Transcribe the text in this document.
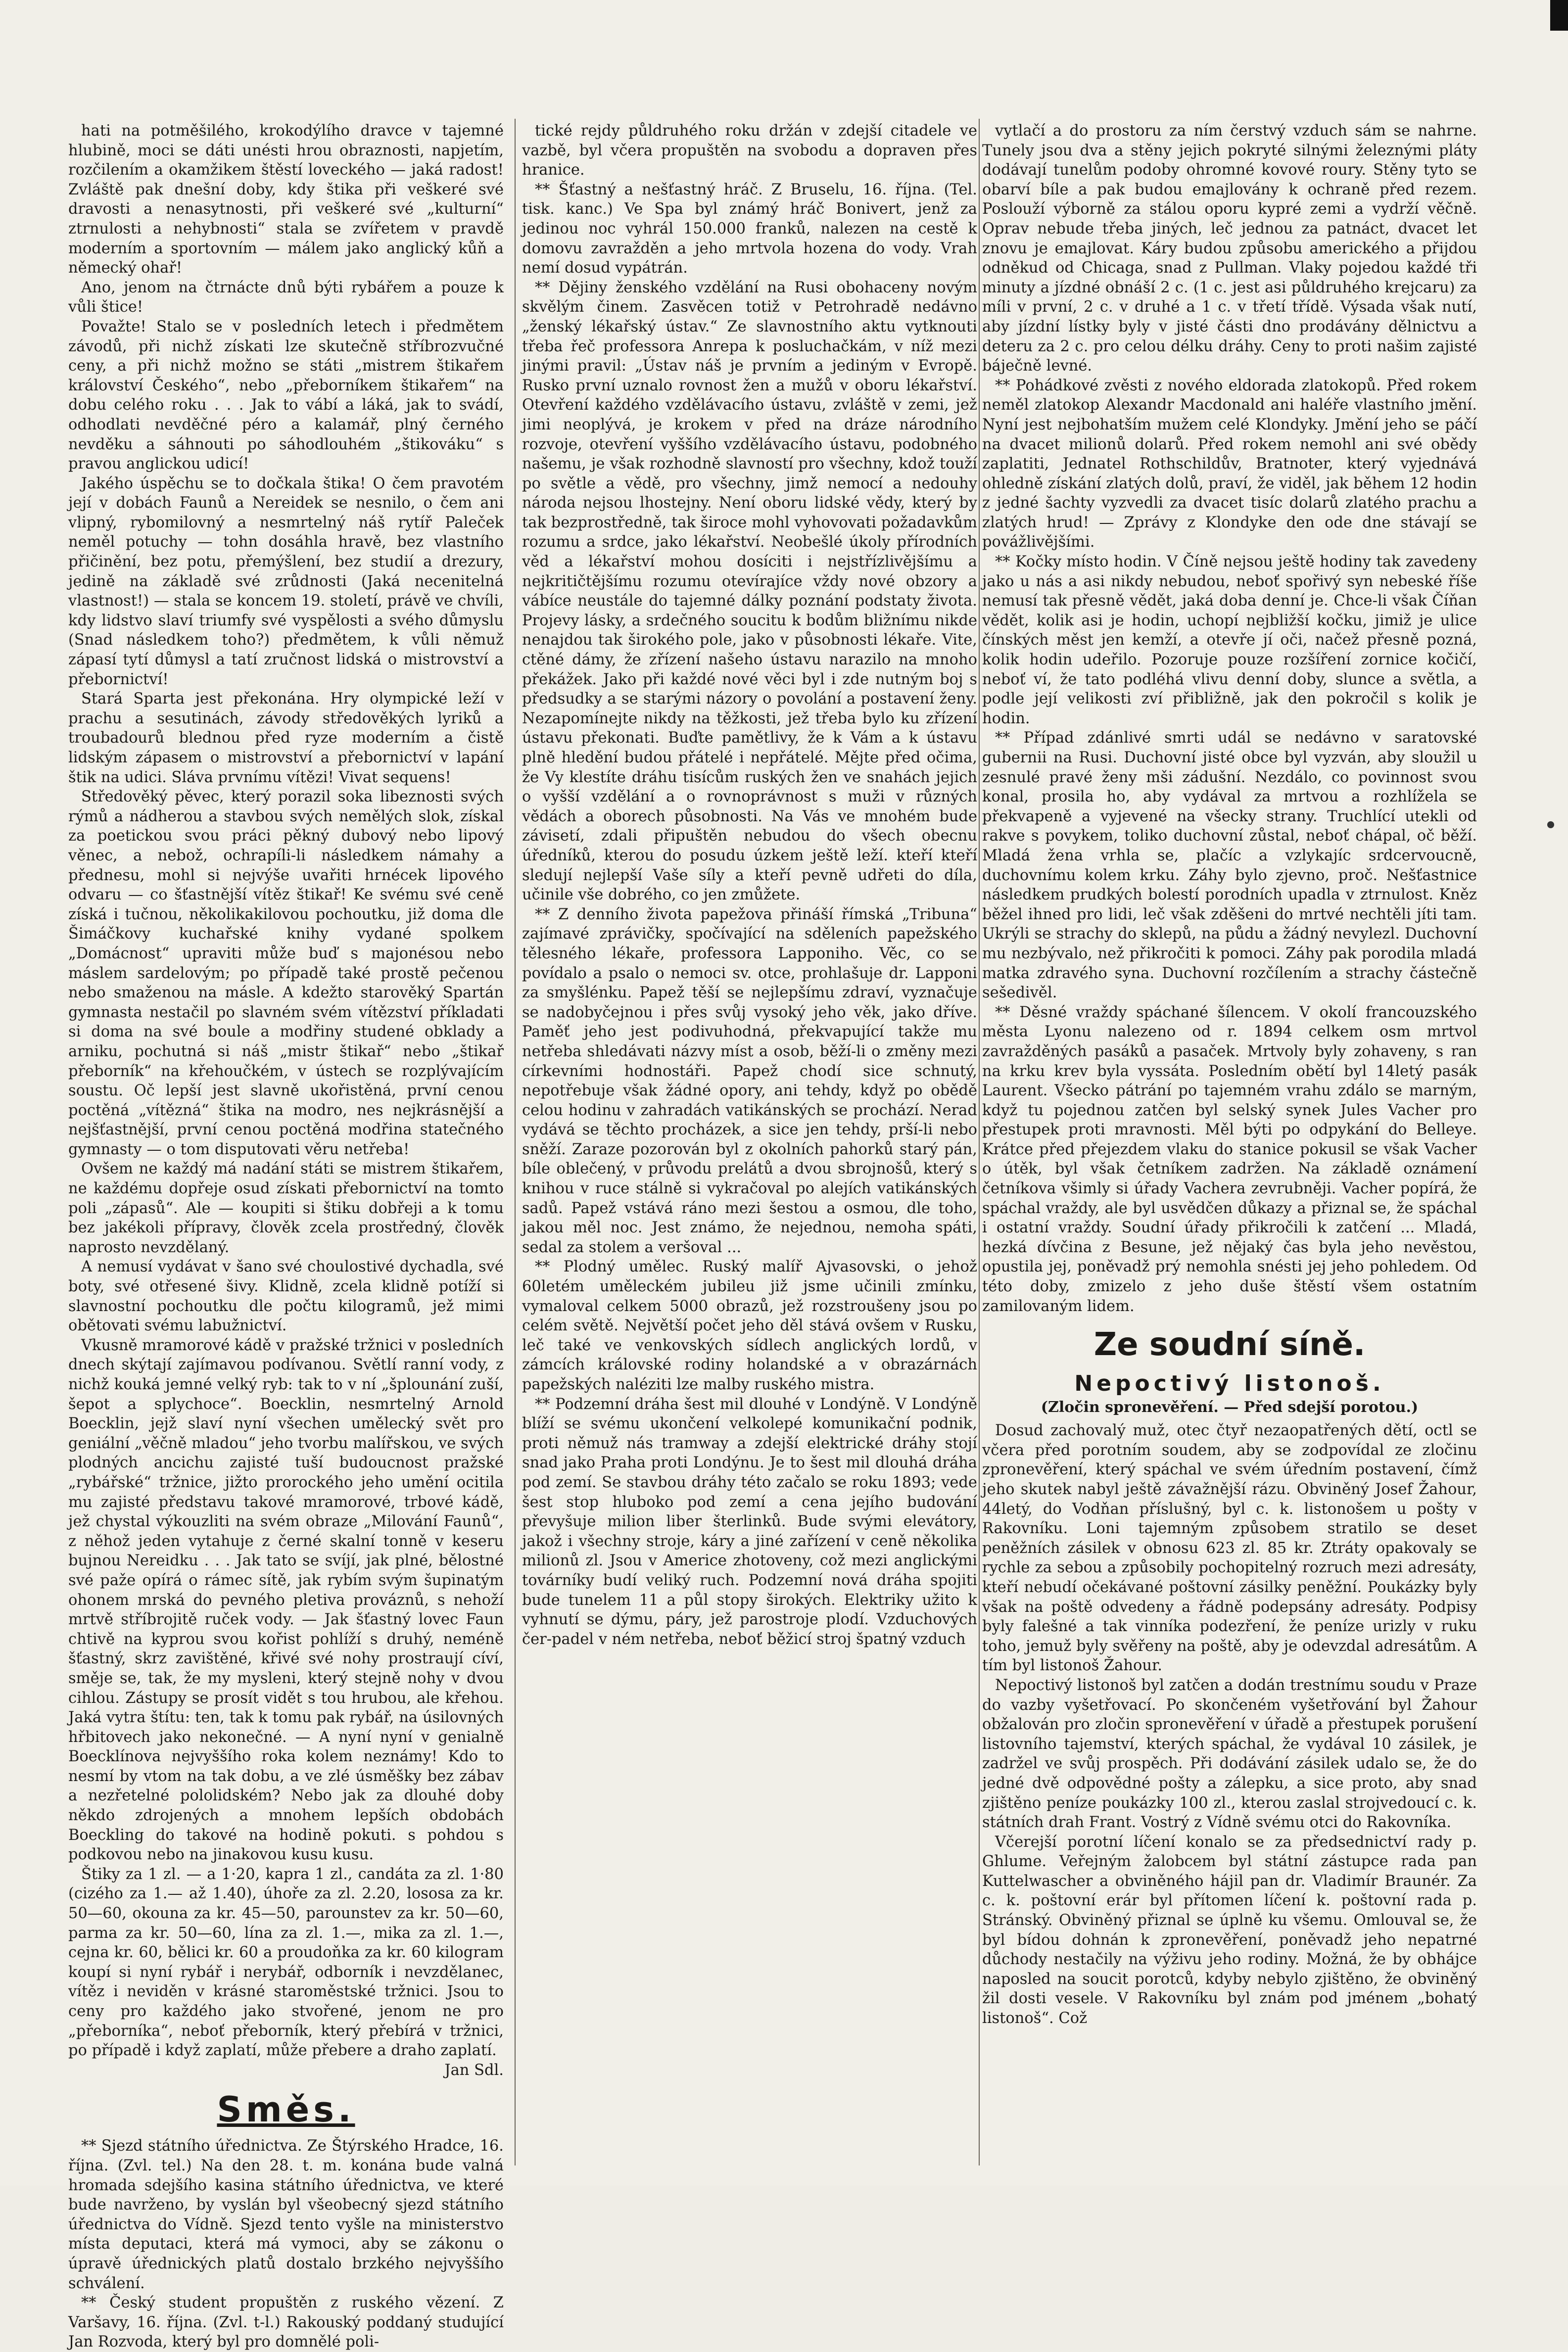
hati na potměšilého, krokodýlího dravce v tajemné hlubině, moci se dáti unésti hrou obraznosti, napjetím, rozčilením a okamžikem štěstí loveckého — jaká radost! Zvláště pak dnešní doby, kdy štika při veškeré své dravosti a nenasytnosti, při veškeré své „kulturní“ ztrnulosti a nehybnosti“ stala se zvířetem v pravdě moderním a sportovním — málem jako anglický kůň a německý ohař!

Ano, jenom na čtrnácte dnů býti rybářem a pouze k vůli štice!

Považte! Stalo se v posledních letech i předmětem závodů, při nichž získati lze skutečně stříbrozvučné ceny, a při nichž možno se státi „mistrem štikařem království Českého“, nebo „přeborníkem štikařem“ na dobu celého roku . . . Jak to vábí a láká, jak to svádí, odhodlati nevděčné péro a kalamář, plný černého nevděku a sáhnouti po sáhodlouhém „štikováku“ s pravou anglickou udicí!

Jakého úspěchu se to dočkala štika! O čem pravotém její v dobách Faunů a Nereidek se nesnilo, o čem ani vlipný, rybomilovný a nesmrtelný náš rytíř Paleček neměl potuchy — tohn dosáhla hravě, bez vlastního přičinění, bez potu, přemýšlení, bez studií a drezury, jedině na základě své zrůdnosti (Jaká necenitelná vlastnost!) — stala se koncem 19. století, právě ve chvíli, kdy lidstvo slaví triumfy své vyspělosti a svého důmyslu (Snad následkem toho?) předmětem, k vůli němuž zápasí tytí důmysl a tatí zručnost lidská o mistrovství a přebornictví!

Stará Sparta jest překonána. Hry olympické leží v prachu a sesutinách, závody středověkých lyriků a troubadourů blednou před ryze moderním a čistě lidským zápasem o mistrovství a přebornictví v lapání štik na udici. Sláva prvnímu vítězi! Vivat sequens!

Středověký pěvec, který porazil soka libeznosti svých rýmů a nádherou a stavbou svých nemělých slok, získal za poetickou svou práci pěkný dubový nebo lipový věnec, a nebož, ochrapíli-li následkem námahy a přednesu, mohl si nejvýše uvařiti hrnécek lipového odvaru — co šťastnější vítěz štikař! Ke svému své ceně získá i tučnou, několikakilovou pochoutku, již doma dle Šimáčkovy kuchařské knihy vydané spolkem „Domácnost“ upraviti může buď s majonésou nebo máslem sardelovým; po případě také prostě pečenou nebo smaženou na másle. A kdežto starověký Spartán gymnasta nestačil po slavném svém vítězství příkladati si doma na své boule a modřiny studené obklady a arniku, pochutná si náš „mistr štikař“ nebo „štikař přeborník“ na křehoučkém, v ústech se rozplývajícím soustu. Oč lepší jest slavně ukořistěná, první cenou poctěná „vítězná“ štika na modro, nes nejkrásnější a nejšťastnější, první cenou poctěná modřina statečného gymnasty — o tom disputovati věru netřeba!

Ovšem ne každý má nadání státi se mistrem štikařem, ne každému dopřeje osud získati přebornictví na tomto poli „zápasů“. Ale — koupiti si štiku dobřeji a k tomu bez jakékoli přípravy, člověk zcela prostředný, člověk naprosto nevzdělaný.

A nemusí vydávat v šano své choulostivé dychadla, své boty, své otřesené šivy. Klidně, zcela klidně potíží si slavnostní pochoutku dle počtu kilogramů, jež mimi obětovati svému labužnictví.

Vkusně mramorové kádě v pražské tržnici v posledních dnech skýtají zajímavou podívanou. Světlí ranní vody, z nichž kouká jemné velký ryb: tak to v ní „šplounání zuší, šepot a splychoce“. Boecklin, nesmrtelný Arnold Boecklin, jejž slaví nyní všechen umělecký svět pro geniální „věčně mladou“ jeho tvorbu malířskou, ve svých plodných ancichu zajisté tuší budoucnost pražské „rybářské“ tržnice, jižto prorockého jeho umění ocitila mu zajisté představu takové mramorové, trbové kádě, jež chystal výkouzliti na svém obraze „Milování Faunů“, z něhož jeden vytahuje z černé skalní tonně v keseru bujnou Nereidku . . . Jak tato se svíjí, jak plné, bělostné své paže opírá o rámec sítě, jak rybím svým šupinatým ohonem mrská do pevného pletiva prováznů, s nehoží mrtvě stříbrojitě ruček vody. — Jak šťastný lovec Faun chtivě na kyprou svou kořist pohlíží s druhý, neméně šťastný, skrz zavištěné, křivé své nohy prostraují cíví, směje se, tak, že my mysleni, který stejně nohy v dvou cihlou. Zástupy se prosít vidět s tou hrubou, ale křehou. Jaká vytra štítu: ten, tak k tomu pak rybář, na úsilovných hřbitovech jako nekonečné. — A nyní nyní v genialně Boecklínova nejvyššího roka kolem neznámy! Kdo to nesmí by vtom na tak dobu, a ve zlé úsměšky bez zábav a nezřetelné pololidském? Nebo jak za dlouhé doby někdo zdrojených a mnohem lepších obdobách Boeckling do takové na hodině pokuti. s pohdou s podkovou nebo na jinakovou kusu kusu.

Štiky za 1 zl. — a 1·20, kapra 1 zl., candáta za zl. 1·80 (cizého za 1.— až 1.40), úhoře za zl. 2.20, lososa za kr. 50—60, okouna za kr. 45—50, parounstev za kr. 50—60, parma za kr. 50—60, lína za zl. 1.—, mika za zl. 1.—, cejna kr. 60, bělici kr. 60 a proudoňka za kr. 60 kilogram koupí si nyní rybář i nerybář, odborník i nevzdělanec, vítěz i neviděn v krásné staroměstské tržnici. Jsou to ceny pro každého jako stvořené, jenom ne pro „přeborníka“, neboť přeborník, který přebírá v tržnici, po případě i když zaplatí, může přebere a draho zaplatí.

Jan Sdl.

Směs.

** Sjezd státního úřednictva. Ze Štýrského Hradce, 16. října. (Zvl. tel.) Na den 28. t. m. konána bude valná hromada sdejšího kasina státního úřednictva, ve které bude navrženo, by vyslán byl všeobecný sjezd státního úřednictva do Vídně. Sjezd tento vyšle na ministerstvo místa deputaci, která má vymoci, aby se zákonu o úpravě úřednických platů dostalo brzkého nejvyššího schválení.

** Český student propuštěn z ruského vězení. Z Varšavy, 16. října. (Zvl. t-l.) Rakouský poddaný studující Jan Rozvoda, který byl pro domnělé poli-

tické rejdy půldruhého roku držán v zdejší citadele ve vazbě, byl včera propuštěn na svobodu a dopraven přes hranice.

** Šťastný a nešťastný hráč. Z Bruselu, 16. října. (Tel. tisk. kanc.) Ve Spa byl známý hráč Bonivert, jenž za jedinou noc vyhrál 150.000 franků, nalezen na cestě k domovu zavražděn a jeho mrtvola hozena do vody. Vrah nemí dosud vypátrán.

** Dějiny ženského vzdělání na Rusi obohaceny novým skvělým činem. Zasvěcen totiž v Petrohradě nedávno „ženský lékařský ústav.“ Ze slavnostního aktu vytknouti třeba řeč professora Anrepa k posluchačkám, v níž mezi jinými pravil: „Ústav náš je prvním a jediným v Evropě. Rusko první uznalo rovnost žen a mužů v oboru lékařství. Otevření každého vzdělávacího ústavu, zvláště v zemi, jež jimi neoplývá, je krokem v před na dráze národního rozvoje, otevření vyššího vzdělávacího ústavu, podobného našemu, je však rozhodně slavností pro všechny, kdož touží po světle a vědě, pro všechny, jimž nemocí a nedouhy národa nejsou lhostejny. Není oboru lidské vědy, který by tak bezprostředně, tak široce mohl vyhovovati požadavkům rozumu a srdce, jako lékařství. Neobešlé úkoly přírodních věd a lékařství mohou dosíciti i nejstřízlivějšímu a nejkritičtějšímu rozumu otevírajíce vždy nové obzory a vábíce neustále do tajemné dálky poznání podstaty života. Projevy lásky, a srdečného soucitu k bodům bližnímu nikde nenajdou tak širokého pole, jako v působnosti lékaře. Vite, ctěné dámy, že zřízení našeho ústavu narazilo na mnoho překážek. Jako při každé nové věci byl i zde nutným boj s předsudky a se starými názory o povolání a postavení ženy. Nezapomínejte nikdy na těžkosti, jež třeba bylo ku zřízení ústavu překonati. Buďte pamětlivy, že k Vám a k ústavu plně hledění budou přátelé i nepřátelé. Mějte před očima, že Vy klestíte dráhu tisícům ruských žen ve snahách jejich o vyšší vzdělání a o rovnoprávnost s muži v různých vědách a oborech působnosti. Na Vás ve mnohém bude závisetí, zdali připuštěn nebudou do všech obecnu úředníků, kterou do posudu úzkem ještě leží. kteří kteří sledují nejlepší Vaše síly a kteří pevně udřeti do díla, učinile vše dobrého, co jen zmůžete.

** Z denního života papežova přináší římská „Tribuna“ zajímavé zprávičky, spočívající na sděleních papežského tělesného lékaře, professora Lapponiho. Věc, co se povídalo a psalo o nemoci sv. otce, prohlašuje dr. Lapponi za smyšlénku. Papež těší se nejlepšímu zdraví, vyznačuje se nadobyčejnou i přes svůj vysoký jeho věk, jako dříve. Paměť jeho jest podivuhodná, překvapující takže mu netřeba shledávati názvy míst a osob, běží-li o změny mezi církevními hodnostáři. Papež chodí sice schnutý, nepotřebuje však žádné opory, ani tehdy, když po obědě celou hodinu v zahradách vatikánských se prochází. Nerad vydává se těchto procházek, a sice jen tehdy, prší-li nebo sněží. Zaraze pozorován byl z okolních pahorků starý pán, bíle oblečený, v průvodu prelátů a dvou sbrojnošů, který s knihou v ruce stálně si vykračoval po alejích vatikánských sadů. Papež vstává ráno mezi šestou a osmou, dle toho, jakou měl noc. Jest známo, že nejednou, nemoha spáti, sedal za stolem a veršoval ...

** Plodný umělec. Ruský malíř Ajvasovski, o jehož 60letém uměleckém jubileu již jsme učinili zmínku, vymaloval celkem 5000 obrazů, jež rozstroušeny jsou po celém světě. Největší počet jeho děl stává ovšem v Rusku, leč také ve venkovských sídlech anglických lordů, v zámcích královské rodiny holandské a v obrazárnách papežských naléziti lze malby ruského mistra.

** Podzemní dráha šest mil dlouhé v Londýně. V Londýně blíží se svému ukončení velkolepé komunikační podnik, proti němuž nás tramway a zdejší elektrické dráhy stojí snad jako Praha proti Londýnu. Je to šest mil dlouhá dráha pod zemí. Se stavbou dráhy této začalo se roku 1893; vede šest stop hluboko pod zemí a cena jejího budování převyšuje milion liber šterlinků. Bude svými elevátory, jakož i všechny stroje, káry a jiné zařízení v ceně několika milionů zl. Jsou v Americe zhotoveny, což mezi anglickými továrníky budí veliký ruch. Podzemní nová dráha spojiti bude tunelem 11 a půl stopy širokých. Elektriky užito k vyhnutí se dýmu, páry, jež parostroje plodí. Vzduchových čer-padel v ném netřeba, neboť běžicí stroj špatný vzduch

vytlačí a do prostoru za ním čerstvý vzduch sám se nahrne. Tunely jsou dva a stěny jejich pokryté silnými železnými pláty dodávají tunelům podoby ohromné kovové roury. Stěny tyto se obarví bíle a pak budou emajlovány k ochraně před rezem. Poslouží výborně za stálou oporu kypré zemi a vydrží věčně. Oprav nebude třeba jiných, leč jednou za patnáct, dvacet let znovu je emajlovat. Káry budou způsobu amerického a přijdou odněkud od Chicaga, snad z Pullman. Vlaky pojedou každé tři minuty a jízdné obnáší 2 c. (1 c. jest asi půldruhého krejcaru) za míli v první, 2 c. v druhé a 1 c. v třetí třídě. Výsada však nutí, aby jízdní lístky byly v jisté části dno prodávány dělnictvu a deteru za 2 c. pro celou délku dráhy. Ceny to proti našim zajisté báječně levné.

** Pohádkové zvěsti z nového eldorada zlatokopů. Před rokem neměl zlatokop Alexandr Macdonald ani haléře vlastního jmění. Nyní jest nejbohatším mužem celé Klondyky. Jmění jeho se páčí na dvacet milionů dolarů. Před rokem nemohl ani své obědy zaplatiti, Jednatel Rothschildův, Bratnoter, který vyjednává ohledně získání zlatých dolů, praví, že viděl, jak během 12 hodin z jedné šachty vyzvedli za dvacet tisíc dolarů zlatého prachu a zlatých hrud! — Zprávy z Klondyke den ode dne stávají se povážlivějšími.

** Kočky místo hodin. V Číně nejsou ještě hodiny tak zavedeny jako u nás a asi nikdy nebudou, neboť spořivý syn nebeské říše nemusí tak přesně vědět, jaká doba denní je. Chce-li však Číňan vědět, kolik asi je hodin, uchopí nejbližší kočku, jimiž je ulice čínských měst jen kemží, a otevře jí oči, načež přesně pozná, kolik hodin udeřilo. Pozoruje pouze rozšíření zornice kočičí, neboť ví, že tato podléhá vlivu denní doby, slunce a světla, a podle její velikosti zví přibližně, jak den pokročil s kolik je hodin.

** Případ zdánlivé smrti udál se nedávno v saratovské gubernii na Rusi. Duchovní jisté obce byl vyzván, aby sloužil u zesnulé pravé ženy mši zádušní. Nezdálo, co povinnost svou konal, prosila ho, aby vydával za mrtvou a rozhlížela se překvapeně a vyjevené na všecky strany. Truchlící utekli od rakve s povykem, toliko duchovní zůstal, neboť chápal, oč běží. Mladá žena vrhla se, plačíc a vzlykajíc srdcervoucně, duchovnímu kolem krku. Záhy bylo zjevno, proč. Nešťastnice následkem prudkých bolestí porodních upadla v ztrnulost. Kněz běžel ihned pro lidi, leč však zděšeni do mrtvé nechtěli jíti tam. Ukrýli se strachy do sklepů, na půdu a žádný nevylezl. Duchovní mu nezbývalo, než přikročiti k pomoci. Záhy pak porodila mladá matka zdravého syna. Duchovní rozčílením a strachy částečně sešedivěl.

** Děsné vraždy spáchané šílencem. V okolí francouzského města Lyonu nalezeno od r. 1894 celkem osm mrtvol zavražděných pasáků a pasaček. Mrtvoly byly zohaveny, s ran na krku krev byla vyssáta. Posledním obětí byl 14letý pasák Laurent. Všecko pátrání po tajemném vrahu zdálo se marným, když tu pojednou zatčen byl selský synek Jules Vacher pro přestupek proti mravnosti. Měl býti po odpykání do Belleye. Krátce před přejezdem vlaku do stanice pokusil se však Vacher o útěk, byl však četníkem zadržen. Na základě oznámení četníkova všimly si úřady Vachera zevrubněji. Vacher popírá, že spáchal vraždy, ale byl usvědčen důkazy a přiznal se, že spáchal i ostatní vraždy. Soudní úřady přikročili k zatčení ... Mladá, hezká dívčina z Besune, jež nějaký čas byla jeho nevěstou, opustila jej, poněvadž prý nemohla snésti jej jeho pohledem. Od této doby, zmizelo z jeho duše štěstí všem ostatním zamilovaným lidem.

Ze soudní síně.
Nepoctivý listonoš.
(Zločin spronevěření. — Před sdejší porotou.)

Dosud zachovalý muž, otec čtyř nezaopatřených dětí, octl se včera před porotním soudem, aby se zodpovídal ze zločinu zpronevěření, který spáchal ve svém úředním postavení, čímž jeho skutek nabyl ještě závažnější rázu. Obviněný Josef Žahour, 44letý, do Vodňan příslušný, byl c. k. listonošem u pošty v Rakovníku. Loni tajemným způsobem stratilo se deset peněžních zásilek v obnosu 623 zl. 85 kr. Ztráty opakovaly se rychle za sebou a způsobily pochopitelný rozruch mezi adresáty, kteří nebudí očekávané poštovní zásilky peněžní. Poukázky byly však na poště odvedeny a řádně podepsány adresáty. Podpisy byly falešné a tak vinníka podezření, že peníze urizly v ruku toho, jemuž byly svěřeny na poště, aby je odevzdal adresátům. A tím byl listonoš Žahour.

Nepoctivý listonoš byl zatčen a dodán trestnímu soudu v Praze do vazby vyšetřovací. Po skončeném vyšetřování byl Žahour obžalován pro zločin spronevěření v úřadě a přestupek porušení listovního tajemství, kterých spáchal, že vydával 10 zásilek, je zadržel ve svůj prospěch. Při dodávání zásilek udalo se, že do jedné dvě odpovědné pošty a zálepku, a sice proto, aby snad zjištěno peníze poukázky 100 zl., kterou zaslal strojvedoucí c. k. státních drah Frant. Vostrý z Vídně svému otci do Rakovníka.

Včerejší porotní líčení konalo se za předsednictví rady p. Ghlume. Veřejným žalobcem byl státní zástupce rada pan Kuttelwascher a obviněného hájil pan dr. Vladimír Braunér. Za c. k. poštovní erár byl přítomen líčení k. poštovní rada p. Stránský. Obviněný přiznal se úplně ku všemu. Omlouval se, že byl bídou dohnán k zpronevěření, poněvadž jeho nepatrné důchody nestačily na výživu jeho rodiny. Možná, že by obhájce naposled na soucit porotců, kdyby nebylo zjištěno, že obviněný žil dosti vesele. V Rakovníku byl znám pod jménem „bohatý listonoš“. Což
